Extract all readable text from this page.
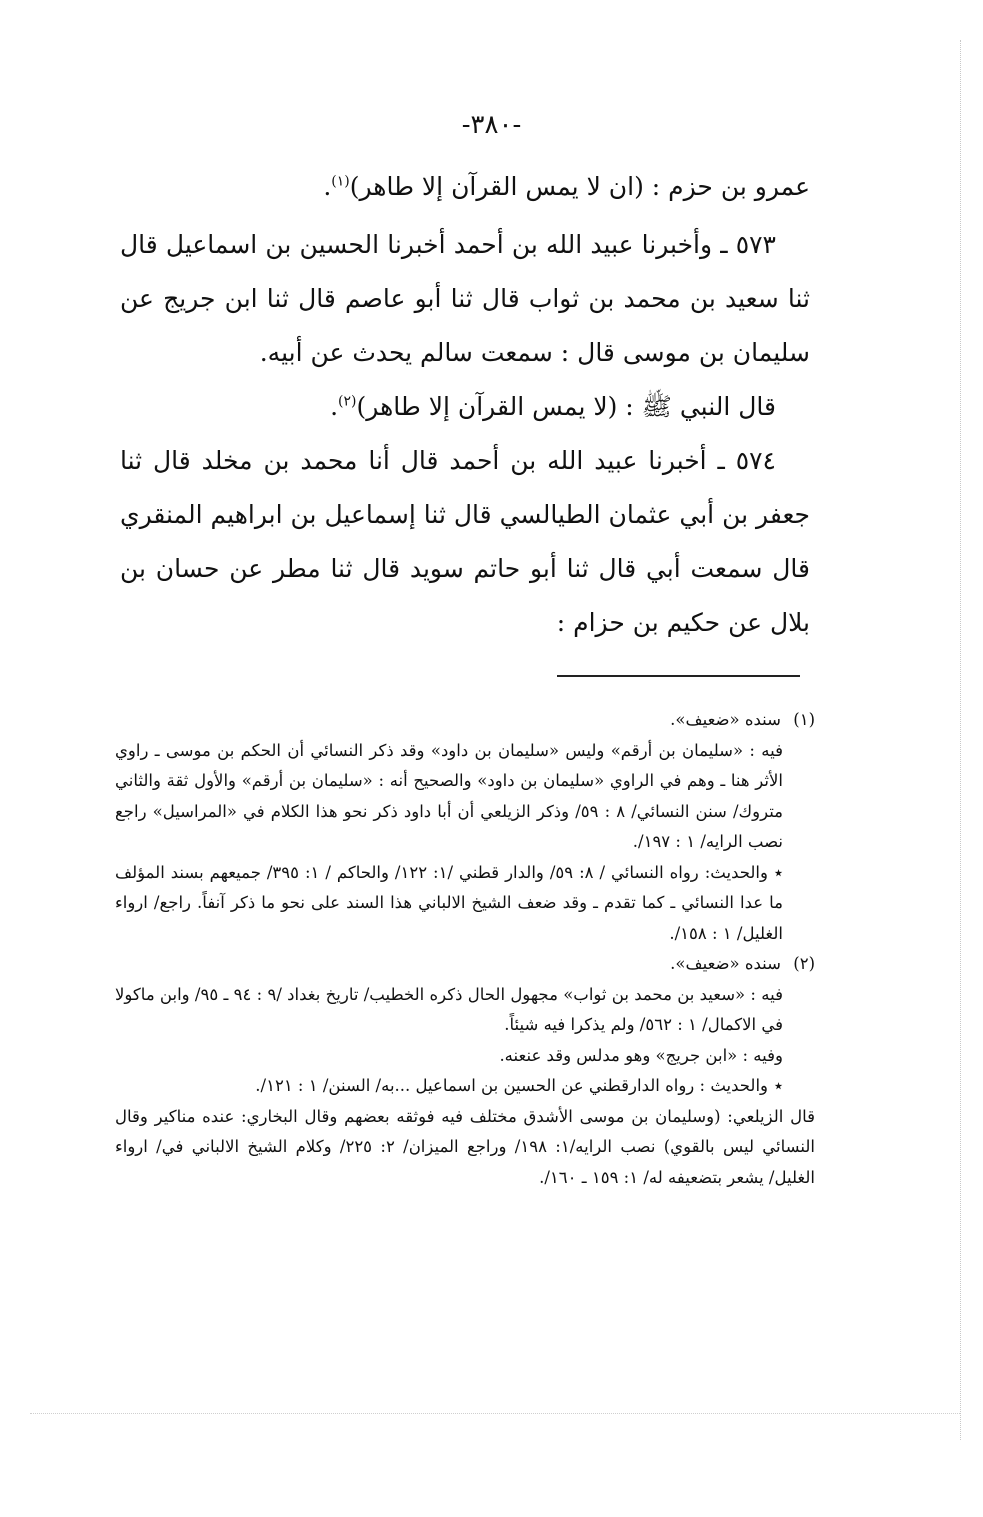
-٣٨٠-

عمرو بن حزم : (ان لا يمس القرآن إلا طاهر)$^{(١)}$.

٥٧٣ ـ وأخبرنا عبيد الله بن أحمد أخبرنا الحسين بن اسماعيل قال ثنا سعيد بن محمد بن ثواب قال ثنا أبو عاصم قال ثنا ابن جريج عن سليمان بن موسى قال : سمعت سالم يحدث عن أبيه.

قال النبي ﷺ : (لا يمس القرآن إلا طاهر)$^{(٢)}$.

٥٧٤ ـ أخبرنا عبيد الله بن أحمد قال أنا محمد بن مخلد قال ثنا جعفر بن أبي عثمان الطيالسي قال ثنا إسماعيل بن ابراهيم المنقري قال سمعت أبي قال ثنا أبو حاتم سويد قال ثنا مطر عن حسان بن بلال عن حكيم بن حزام :

(١)سنده «ضعيف».

فيه : «سليمان بن أرقم» وليس «سليمان بن داود» وقد ذكر النسائي أن الحكم بن موسى ـ راوي الأثر هنا ـ وهم في الراوي «سليمان بن داود» والصحيح أنه : «سليمان بن أرقم» والأول ثقة والثاني متروك/ سنن النسائي/ ٨ : ٥٩/ وذكر الزيلعي أن أبا داود ذكر نحو هذا الكلام في «المراسيل» راجع نصب الرايه/ ١ : ١٩٧/.

٭والحديث: رواه النسائي / ٨: ٥٩/ والدار قطني /١: ١٢٢/ والحاكم / ١: ٣٩٥/ جميعهم بسند المؤلف ما عدا النسائي ـ كما تقدم ـ وقد ضعف الشيخ الالباني هذا السند على نحو ما ذكر آنفاً. راجع/ ارواء الغليل/ ١ : ١٥٨/.

(٢)سنده «ضعيف».

فيه : «سعيد بن محمد بن ثواب» مجهول الحال ذكره الخطيب/ تاريخ بغداد /٩ : ٩٤ ـ ٩٥/ وابن ماكولا في الاكمال/ ١ : ٥٦٢/ ولم يذكرا فيه شيئاً.

وفيه : «ابن جريج» وهو مدلس وقد عنعنه.

٭والحديث : رواه الدارقطني عن الحسين بن اسماعيل ...به/ السنن/ ١ : ١٢١/.

قال الزيلعي: (وسليمان بن موسى الأشدق مختلف فيه فوثقه بعضهم وقال البخاري: عنده مناكير وقال النسائي ليس بالقوي) نصب الرايه/١: ١٩٨/ وراجع الميزان/ ٢: ٢٢٥/ وكلام الشيخ الالباني في/ ارواء الغليل/ يشعر بتضعيفه له/ ١: ١٥٩ ـ ١٦٠/.
